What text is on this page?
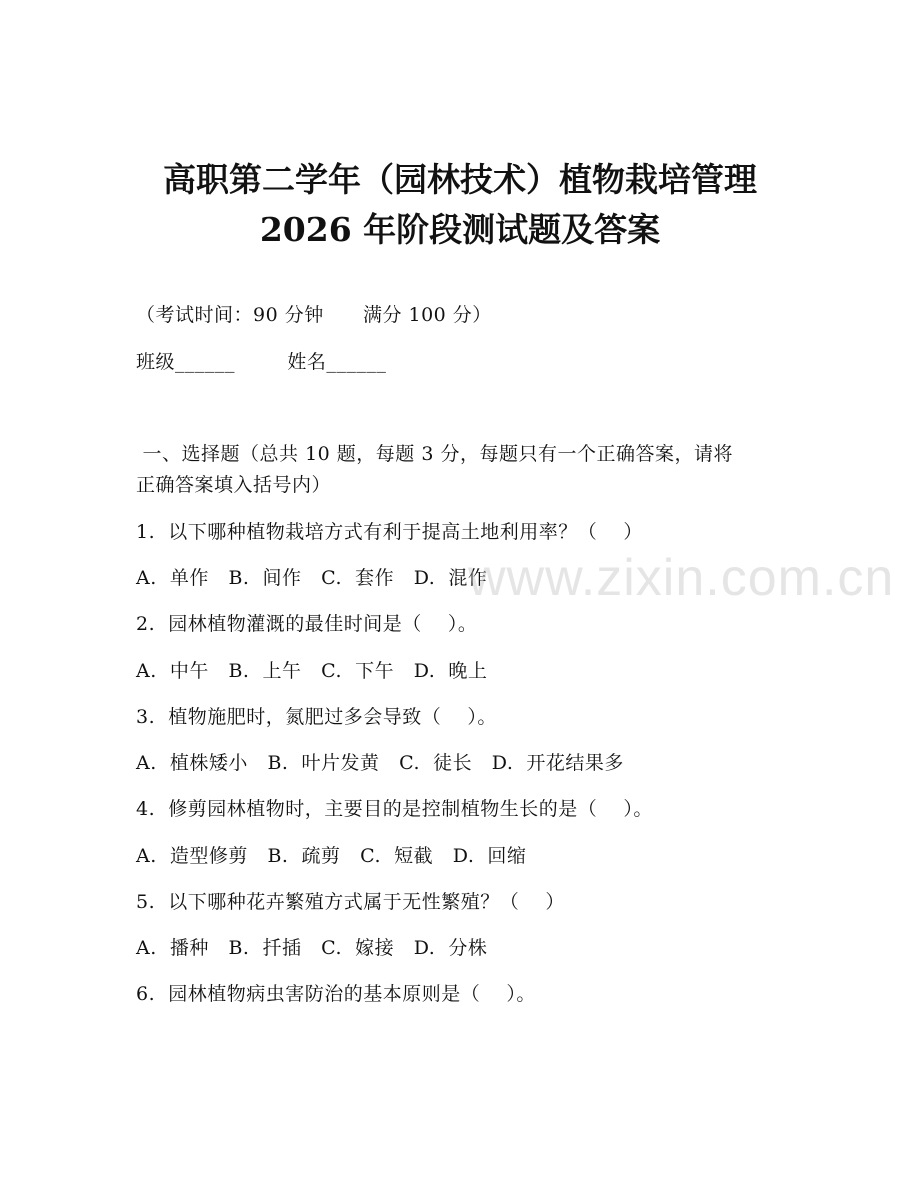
高职第二学年（园林技术）植物栽培管理
2026 年阶段测试题及答案
（考试时间：90 分钟      满分 100 分）
班级______        姓名______
一、选择题（总共 10 题，每题 3 分，每题只有一个正确答案，请将
正确答案填入括号内）
1.  以下哪种植物栽培方式有利于提高土地利用率？（    ）
A.  单作   B.  间作   C.  套作   D.  混作
2.  园林植物灌溉的最佳时间是（    ）。
A.  中午   B.  上午   C.  下午   D.  晚上
3.  植物施肥时，氮肥过多会导致（    ）。
A.  植株矮小   B.  叶片发黄   C.  徒长   D.  开花结果多
4.  修剪园林植物时，主要目的是控制植物生长的是（    ）。
A.  造型修剪   B.  疏剪   C.  短截   D.  回缩
5.  以下哪种花卉繁殖方式属于无性繁殖？（    ）
A.  播种   B.  扦插   C.  嫁接   D.  分株
6.  园林植物病虫害防治的基本原则是（    ）。
www.zixin.com.cn
